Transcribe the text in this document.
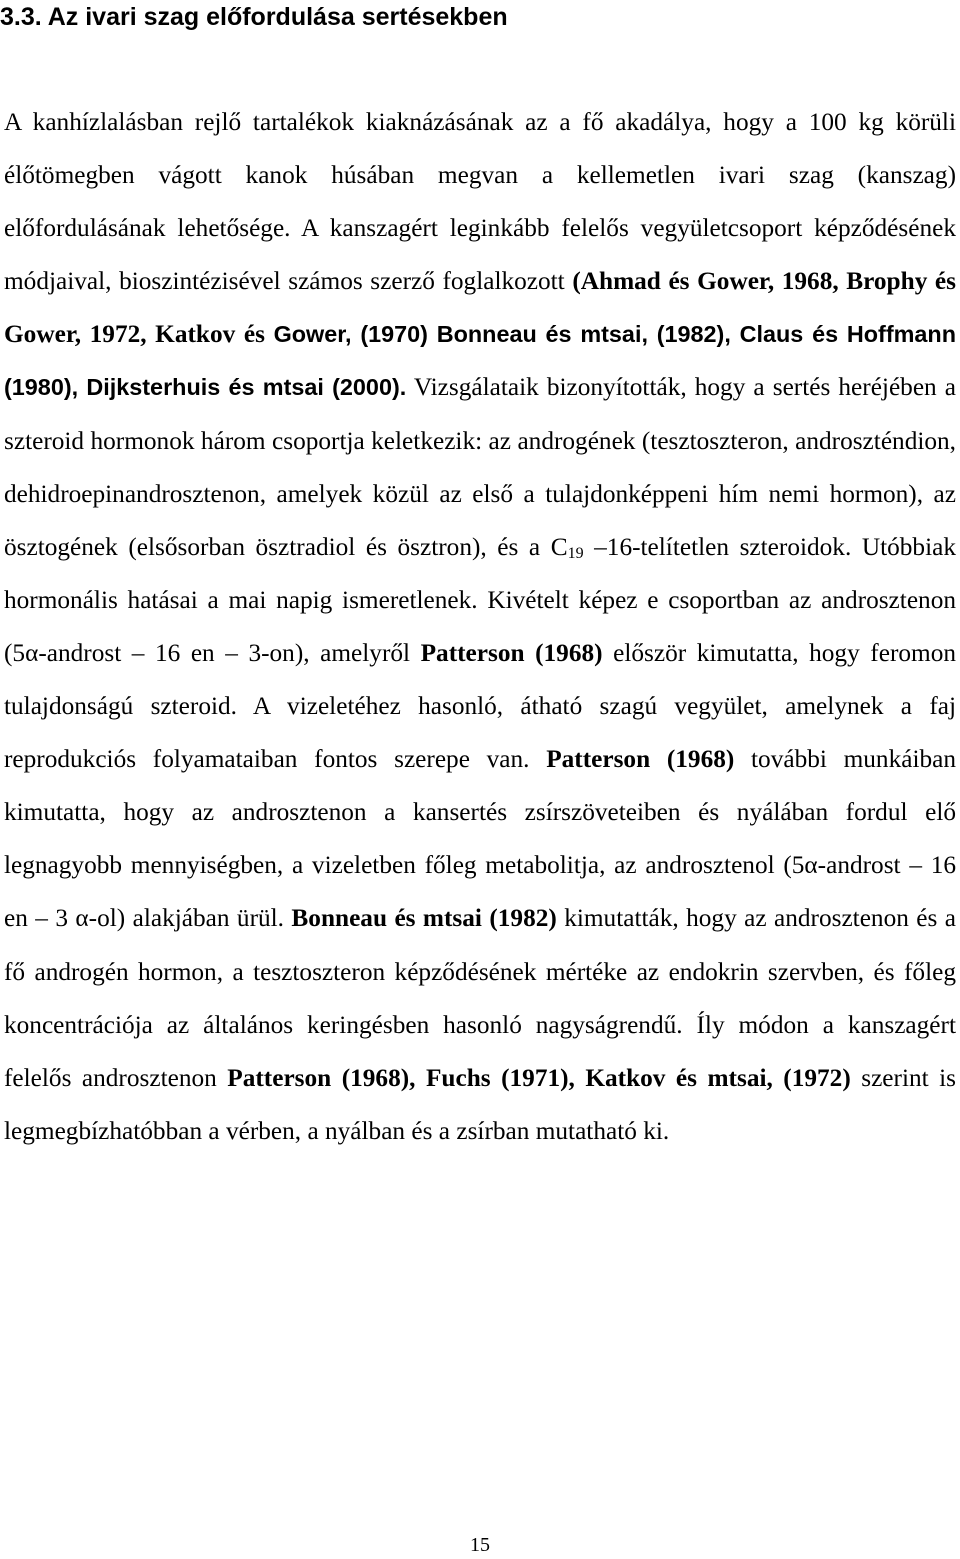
3.3. Az ivari szag előfordulása sertésekben

A kanhízlalásban rejlő tartalékok kiaknázásának az a fő akadálya, hogy a 100 kg körüli élőtömegben vágott kanok húsában megvan a kellemetlen ivari szag (kanszag) előfordulásának lehetősége. A kanszagért leginkább felelős vegyületcsoport képződésének módjaival, bioszintézisével számos szerző foglalkozott (Ahmad és Gower, 1968, Brophy és Gower, 1972, Katkov és Gower, (1970) Bonneau és mtsai, (1982), Claus és Hoffmann (1980), Dijksterhuis és mtsai (2000). Vizsgálataik bizonyították, hogy a sertés heréjében a szteroid hormonok három csoportja keletkezik: az androgének (tesztoszteron, androszténdion, dehidroepinandrosztenon, amelyek közül az első a tulajdonképpeni hím nemi hormon), az ösztogének (elsősorban ösztradiol és ösztron), és a $C_{19}$ –16-telítetlen szteroidok. Utóbbiak hormonális hatásai a mai napig ismeretlenek. Kivételt képez e csoportban az androsztenon (5α-androst – 16 en – 3-on), amelyről Patterson (1968) először kimutatta, hogy feromon tulajdonságú szteroid. A vizeletéhez hasonló, átható szagú vegyület, amelynek a faj reprodukciós folyamataiban fontos szerepe van. Patterson (1968) további munkáiban kimutatta, hogy az androsztenon a kansertés zsírszöveteiben és nyálában fordul elő legnagyobb mennyiségben, a vizeletben főleg metabolitja, az androsztenol (5α-androst – 16 en – 3 α-ol) alakjában ürül. Bonneau és mtsai (1982) kimutatták, hogy az androsztenon és a fő androgén hormon, a tesztoszteron képződésének mértéke az endokrin szervben, és főleg koncentrációja az általános keringésben hasonló nagyságrendű. Íly módon a kanszagért felelős androsztenon Patterson (1968), Fuchs (1971), Katkov és mtsai, (1972) szerint is legmegbízhatóbban a vérben, a nyálban és a zsírban mutatható ki.

15
